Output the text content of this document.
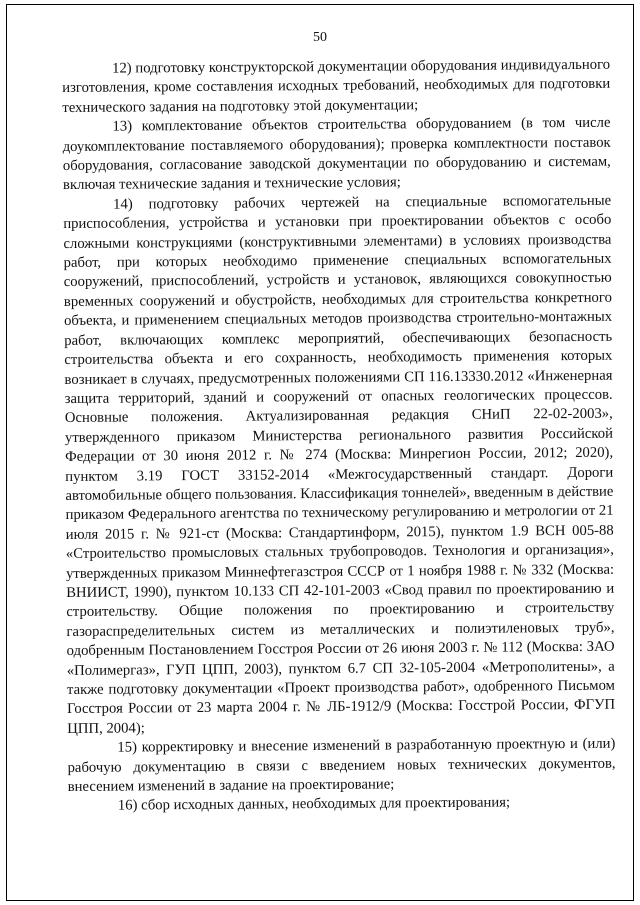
50

12) подготовку конструкторской документации оборудования индивидуального изготовления, кроме составления исходных требований, необходимых для подготовки технического задания на подготовку этой документации;

13) комплектование объектов строительства оборудованием (в том числе доукомплектование поставляемого оборудования); проверка комплектности поставок оборудования, согласование заводской документации по оборудованию и системам, включая технические задания и технические условия;

14) подготовку рабочих чертежей на специальные вспомогательные приспособления, устройства и установки при проектировании объектов с особо сложными конструкциями (конструктивными элементами) в условиях производства работ, при которых необходимо применение специальных вспомогательных сооружений, приспособлений, устройств и установок, являющихся совокупностью временных сооружений и обустройств, необходимых для строительства конкретного объекта, и применением специальных методов производства строительно-монтажных работ, включающих комплекс мероприятий, обеспечивающих безопасность строительства объекта и его сохранность, необходимость применения которых возникает в случаях, предусмотренных положениями СП 116.13330.2012 «Инженерная защита территорий, зданий и сооружений от опасных геологических процессов. Основные положения. Актуализированная редакция СНиП 22-02-2003», утвержденного приказом Министерства регионального развития Российской Федерации от 30 июня 2012 г. № 274 (Москва: Минрегион России, 2012; 2020), пунктом 3.19 ГОСТ 33152-2014 «Межгосударственный стандарт. Дороги автомобильные общего пользования. Классификация тоннелей», введенным в действие приказом Федерального агентства по техническому регулированию и метрологии от 21 июля 2015 г. № 921-ст (Москва: Стандартинформ, 2015), пунктом 1.9 ВСН 005-88 «Строительство промысловых стальных трубопроводов. Технология и организация», утвержденных приказом Миннефтегазстроя СССР от 1 ноября 1988 г. № 332 (Москва: ВНИИСТ, 1990), пунктом 10.133 СП 42-101-2003 «Свод правил по проектированию и строительству. Общие положения по проектированию и строительству газораспределительных систем из металлических и полиэтиленовых труб», одобренным Постановлением Госстроя России от 26 июня 2003 г. № 112 (Москва: ЗАО «Полимергаз», ГУП ЦПП, 2003), пунктом 6.7 СП 32-105-2004 «Метрополитены», а также подготовку документации «Проект производства работ», одобренного Письмом Госстроя России от 23 марта 2004 г. № ЛБ-1912/9 (Москва: Госстрой России, ФГУП ЦПП, 2004);

15) корректировку и внесение изменений в разработанную проектную и (или) рабочую документацию в связи с введением новых технических документов, внесением изменений в задание на проектирование;

16) сбор исходных данных, необходимых для проектирования;
